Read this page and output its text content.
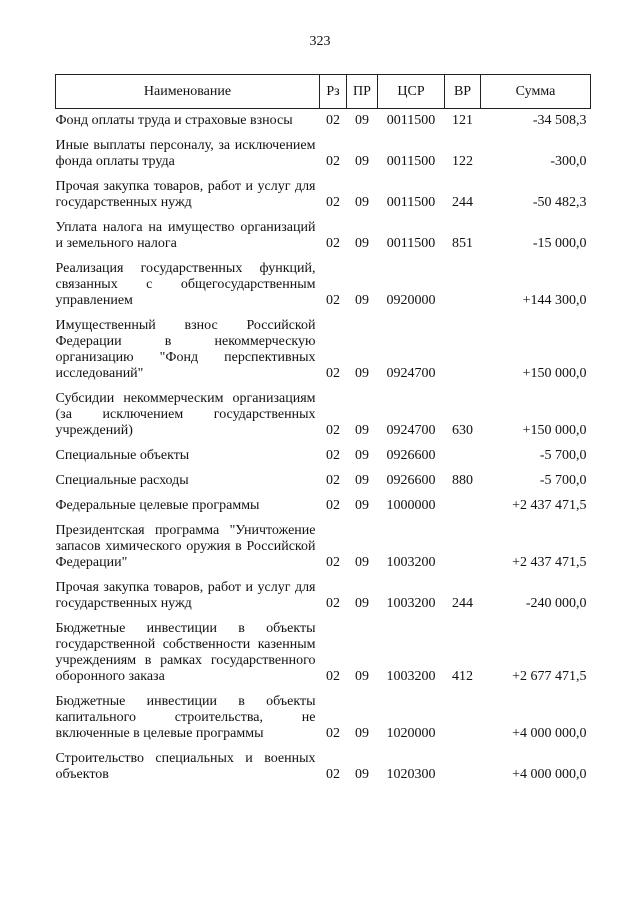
323
Наименование	Рз	ПР	ЦСР	ВР	Сумма
Фонд оплаты труда и страховые взносы	02	09	0011500	121	-34 508,3
Иные выплаты персоналу, за исключением фонда оплаты труда	02	09	0011500	122	-300,0
Прочая закупка товаров, работ и услуг для государственных нужд	02	09	0011500	244	-50 482,3
Уплата налога на имущество организаций и земельного налога	02	09	0011500	851	-15 000,0
Реализация государственных функций, связанных с общегосударственным управлением	02	09	0920000		+144 300,0
Имущественный взнос Российской Федерации в некоммерческую организацию "Фонд перспективных исследований"	02	09	0924700		+150 000,0
Субсидии некоммерческим организациям (за исключением государственных учреждений)	02	09	0924700	630	+150 000,0
Специальные объекты	02	09	0926600		-5 700,0
Специальные расходы	02	09	0926600	880	-5 700,0
Федеральные целевые программы	02	09	1000000		+2 437 471,5
Президентская программа "Уничтожение запасов химического оружия в Российской Федерации"	02	09	1003200		+2 437 471,5
Прочая закупка товаров, работ и услуг для государственных нужд	02	09	1003200	244	-240 000,0
Бюджетные инвестиции в объекты государственной собственности казенным учреждениям в рамках государственного оборонного заказа	02	09	1003200	412	+2 677 471,5
Бюджетные инвестиции в объекты капитального строительства, не включенные в целевые программы	02	09	1020000		+4 000 000,0
Строительство специальных и военных объектов	02	09	1020300		+4 000 000,0
